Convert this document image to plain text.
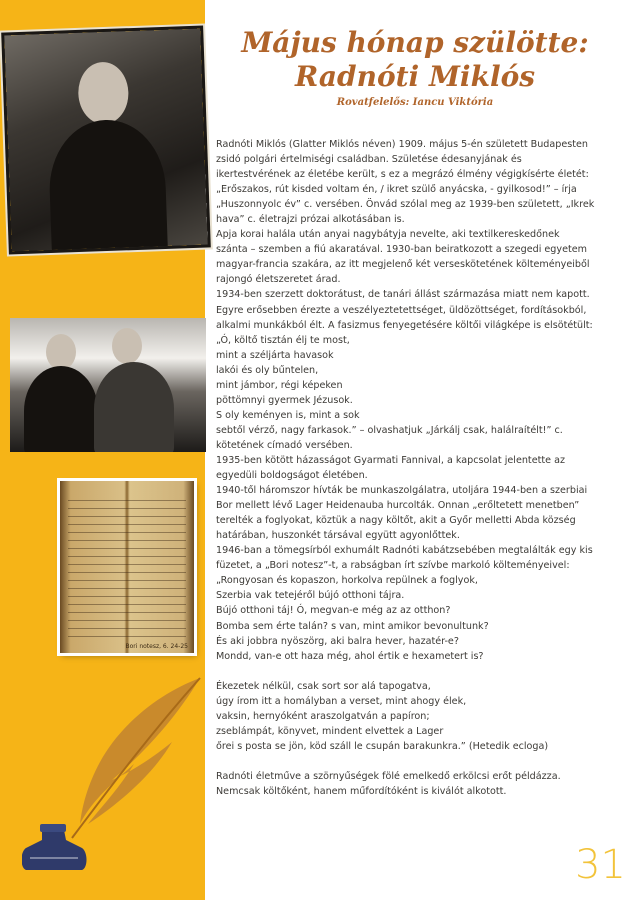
Bori notesz, 6. 24-25
Május hónap szülötte:
Radnóti Miklós
Rovatfelelős: Iancu Viktória
Radnóti Miklós (Glatter Miklós néven) 1909. május 5-én született Budapesten
zsidó polgári értelmiségi családban. Születése édesanyjának és
ikertestvérének az életébe került, s ez a megrázó élmény végigkísérte életét:
„Erőszakos, rút kisded voltam én, / ikret szülő anyácska, - gyilkosod!” – írja
„Huszonnyolc év” c. versében. Önvád szólal meg az 1939-ben született, „Ikrek
hava” c. életrajzi prózai alkotásában is.
Apja korai halála után anyai nagybátyja nevelte, aki textilkereskedőnek
szánta – szemben a fiú akaratával. 1930-ban beiratkozott a szegedi egyetem
magyar-francia szakára, az itt megjelenő két verseskötetének költeményeiből
rajongó életszeretet árad.
1934-ben szerzett doktorátust, de tanári állást származása miatt nem kapott.
Egyre erősebben érezte a veszélyeztetettséget, üldözöttséget, fordításokból,
alkalmi munkákból élt. A fasizmus fenyegetésére költői világképe is elsötétült:
„Ó, költő tisztán élj te most,
mint a széljárta havasok
lakói és oly bűntelen,
mint jámbor, régi képeken
pöttömnyi gyermek Jézusok.
S oly keményen is, mint a sok
sebtől vérző, nagy farkasok.” – olvashatjuk „Járkálj csak, halálraítélt!” c.
kötetének címadó versében.
1935-ben kötött házasságot Gyarmati Fannival, a kapcsolat jelentette az
egyedüli boldogságot életében.
1940-től háromszor hívták be munkaszolgálatra, utoljára 1944-ben a szerbiai
Bor mellett lévő Lager Heidenauba hurcolták. Onnan „erőltetett menetben”
terelték a foglyokat, köztük a nagy költőt, akit a Győr melletti Abda község
határában, huszonkét társával együtt agyonlőttek.
1946-ban a tömegsírból exhumált Radnóti kabátzsebében megtalálták egy kis
füzetet, a „Bori notesz”-t, a rabságban írt szívbe markoló költeményeivel:
„Rongyosan és kopaszon, horkolva repülnek a foglyok,
Szerbia vak tetejéről bújó otthoni tájra.
Bújó otthoni táj! Ó, megvan-e még az az otthon?
Bomba sem érte talán? s van, mint amikor bevonultunk?
És aki jobbra nyöszörg, aki balra hever, hazatér-e?
Mondd, van-e ott haza még, ahol értik e hexametert is?
Ékezetek nélkül, csak sort sor alá tapogatva,
úgy írom itt a homályban a verset, mint ahogy élek,
vaksin, hernyóként araszolgatván a papíron;
zseblámpát, könyvet, mindent elvettek a Lager
őrei s posta se jön, köd száll le csupán barakunkra.” (Hetedik ecloga)
Radnóti életműve a szörnyűségek fölé emelkedő erkölcsi erőt példázza.
Nemcsak költőként, hanem műfordítóként is kiválót alkotott.
31
